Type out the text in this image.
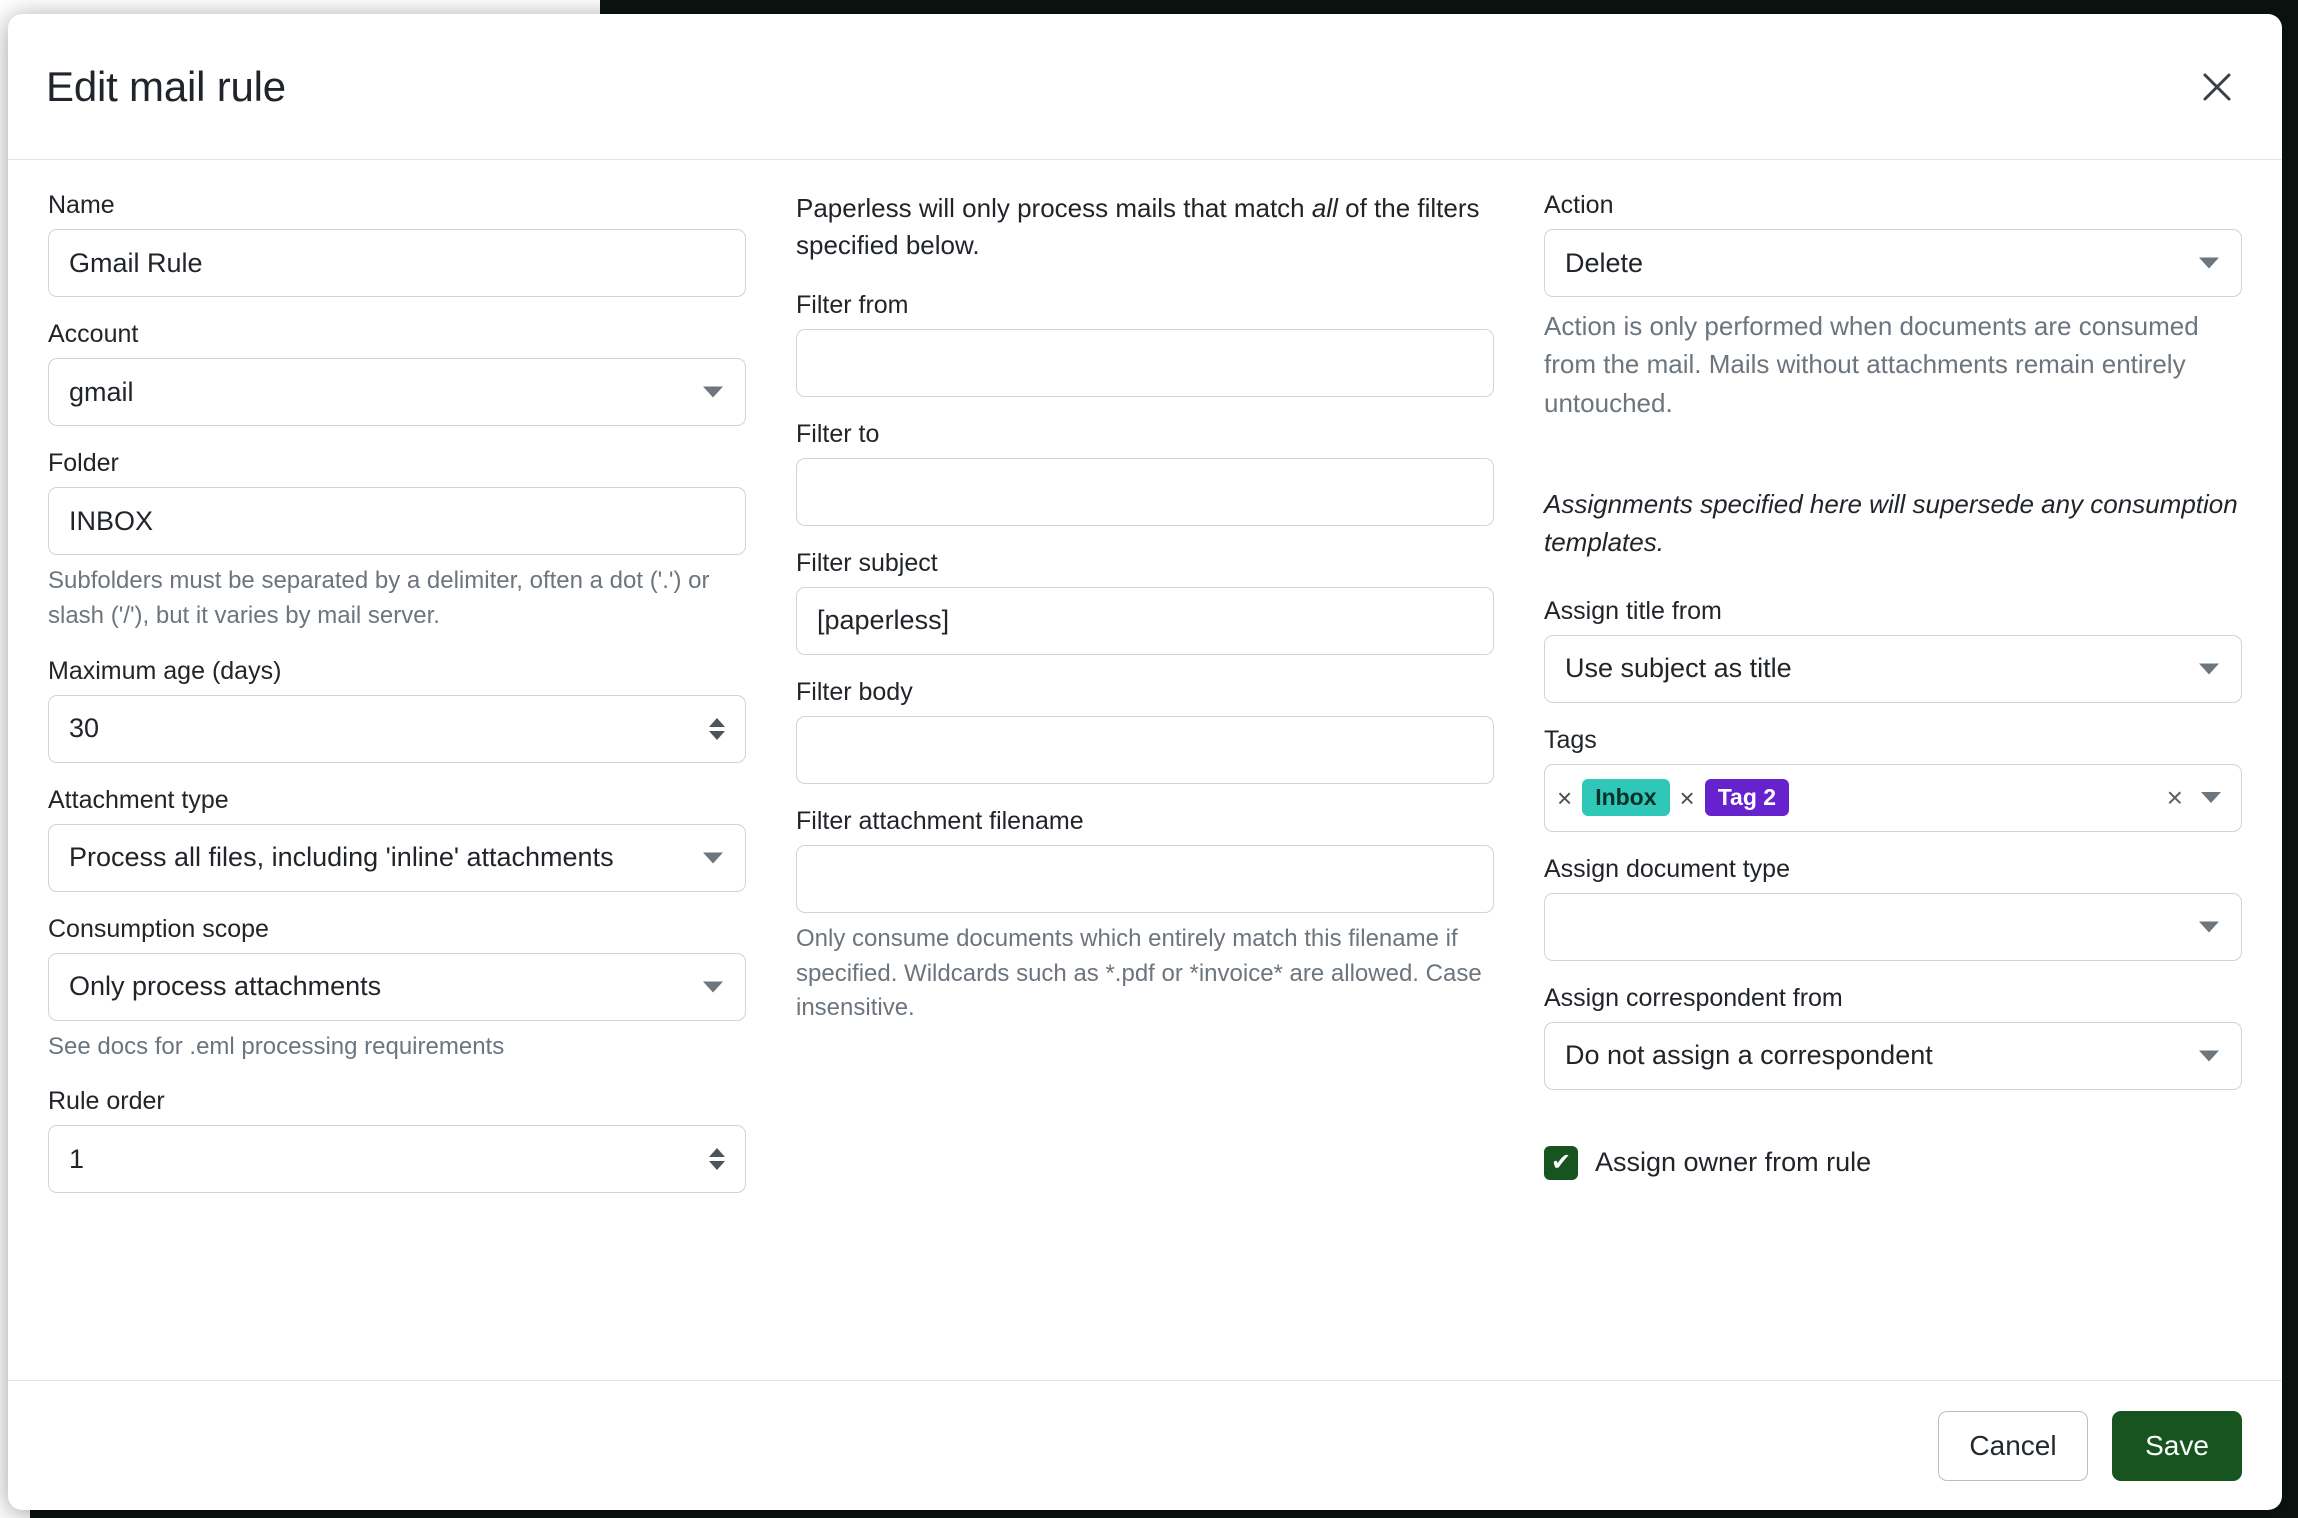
Edit mail rule
Name
Gmail Rule
Account
gmail
Folder
INBOX
Subfolders must be separated by a delimiter, often a dot ('.') or slash ('/'), but it varies by mail server.
Maximum age (days)
30
Attachment type
Process all files, including 'inline' attachments
Consumption scope
Only process attachments
See docs for .eml processing requirements
Rule order
1
Paperless will only process mails that match all of the filters specified below.
Filter from
Filter to
Filter subject
[paperless]
Filter body
Filter attachment filename
Only consume documents which entirely match this filename if specified. Wildcards such as *.pdf or *invoice* are allowed. Case insensitive.
Action
Delete
Action is only performed when documents are consumed from the mail. Mails without attachments remain entirely untouched.
Assignments specified here will supersede any consumption templates.
Assign title from
Use subject as title
Tags
×	Inbox ×	Tag 2	×
Assign document type
Assign correspondent from
Do not assign a correspondent
✔ Assign owner from rule
Cancel	Save
